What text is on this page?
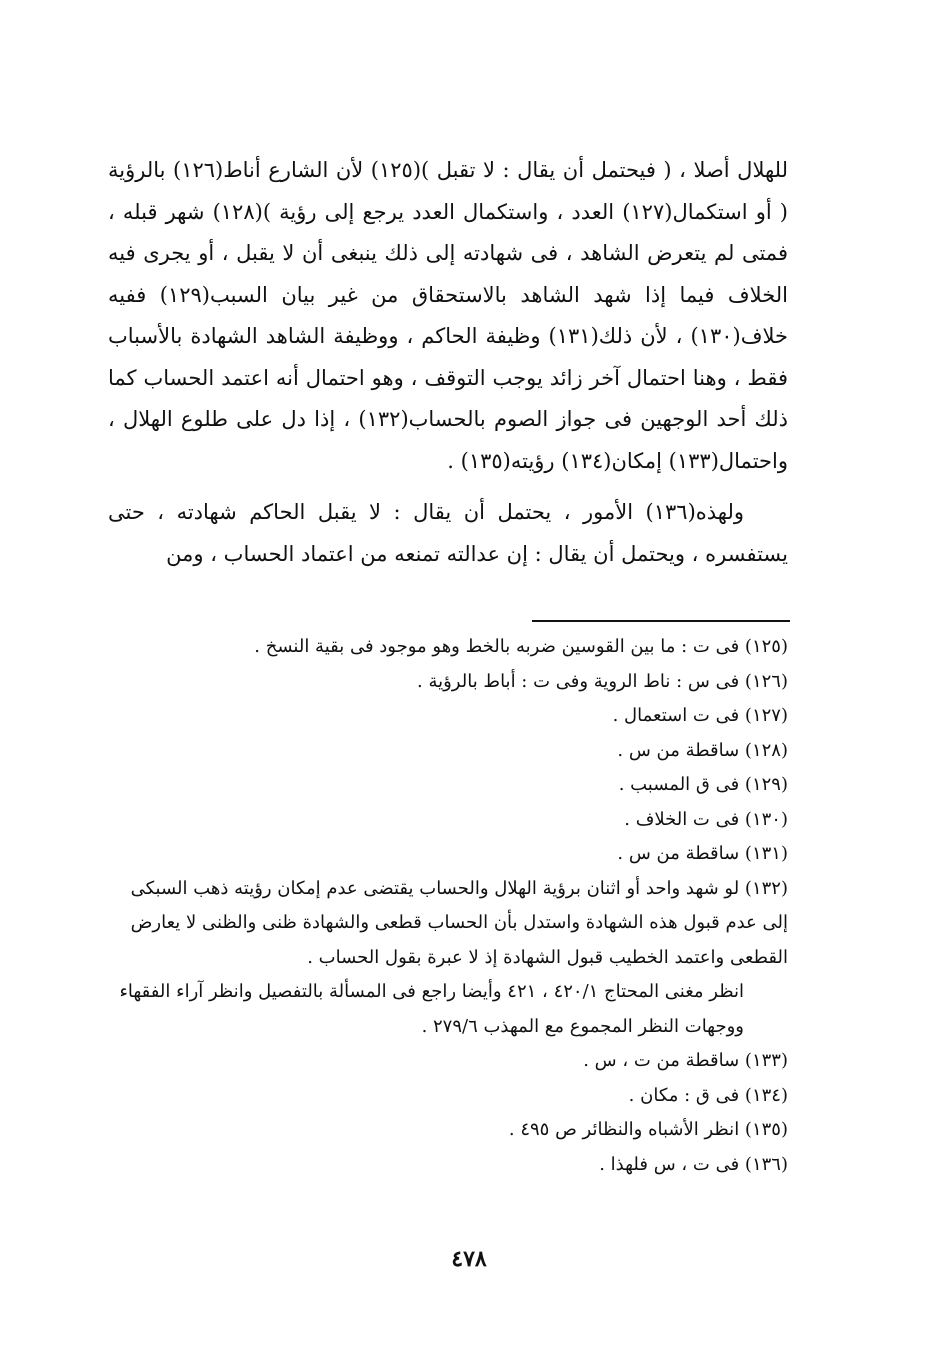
للهلال أصلا ، ( فيحتمل أن يقال : لا تقبل )(١٢٥) لأن الشارع أناط(١٢٦) بالرؤية ( أو استكمال(١٢٧) العدد ، واستكمال العدد يرجع إلى رؤية )(١٢٨) شهر قبله ، فمتى لم يتعرض الشاهد ، فى شهادته إلى ذلك ينبغى أن لا يقبل ، أو يجرى فيه الخلاف فيما إذا شهد الشاهد بالاستحقاق من غير بيان السبب(١٢٩) ففيه خلاف(١٣٠) ، لأن ذلك(١٣١) وظيفة الحاكم ، ووظيفة الشاهد الشهادة بالأسباب فقط ، وهنا احتمال آخر زائد يوجب التوقف ، وهو احتمال أنه اعتمد الحساب كما ذلك أحد الوجهين فى جواز الصوم بالحساب(١٣٢) ، إذا دل على طلوع الهلال ، واحتمال(١٣٣) إمكان(١٣٤) رؤيته(١٣٥) .

ولهذه(١٣٦) الأمور ، يحتمل أن يقال : لا يقبل الحاكم شهادته ، حتى يستفسره ، ويحتمل أن يقال : إن عدالته تمنعه من اعتماد الحساب ، ومن

(١٢٥) فى ت : ما بين القوسين ضربه بالخط وهو موجود فى بقية النسخ .

(١٢٦) فى س : ناط الروية وفى ت : أباط بالرؤية .

(١٢٧) فى ت استعمال .

(١٢٨) ساقطة من س .

(١٢٩) فى ق المسبب .

(١٣٠) فى ت الخلاف .

(١٣١) ساقطة من س .

(١٣٢) لو شهد واحد أو اثنان برؤية الهلال والحساب يقتضى عدم إمكان رؤيته ذهب السبكى إلى عدم قبول هذه الشهادة واستدل بأن الحساب قطعى والشهادة ظنى والظنى لا يعارض القطعى واعتمد الخطيب قبول الشهادة إذ لا عبرة بقول الحساب .

انظر مغنى المحتاج ٤٢٠/١ ، ٤٢١ وأيضا راجع فى المسألة بالتفصيل وانظر آراء الفقهاء ووجهات النظر المجموع مع المهذب ٢٧٩/٦ .

(١٣٣) ساقطة من ت ، س .

(١٣٤) فى ق : مكان .

(١٣٥) انظر الأشباه والنظائر ص ٤٩٥ .

(١٣٦) فى ت ، س فلهذا .

٤٧٨
